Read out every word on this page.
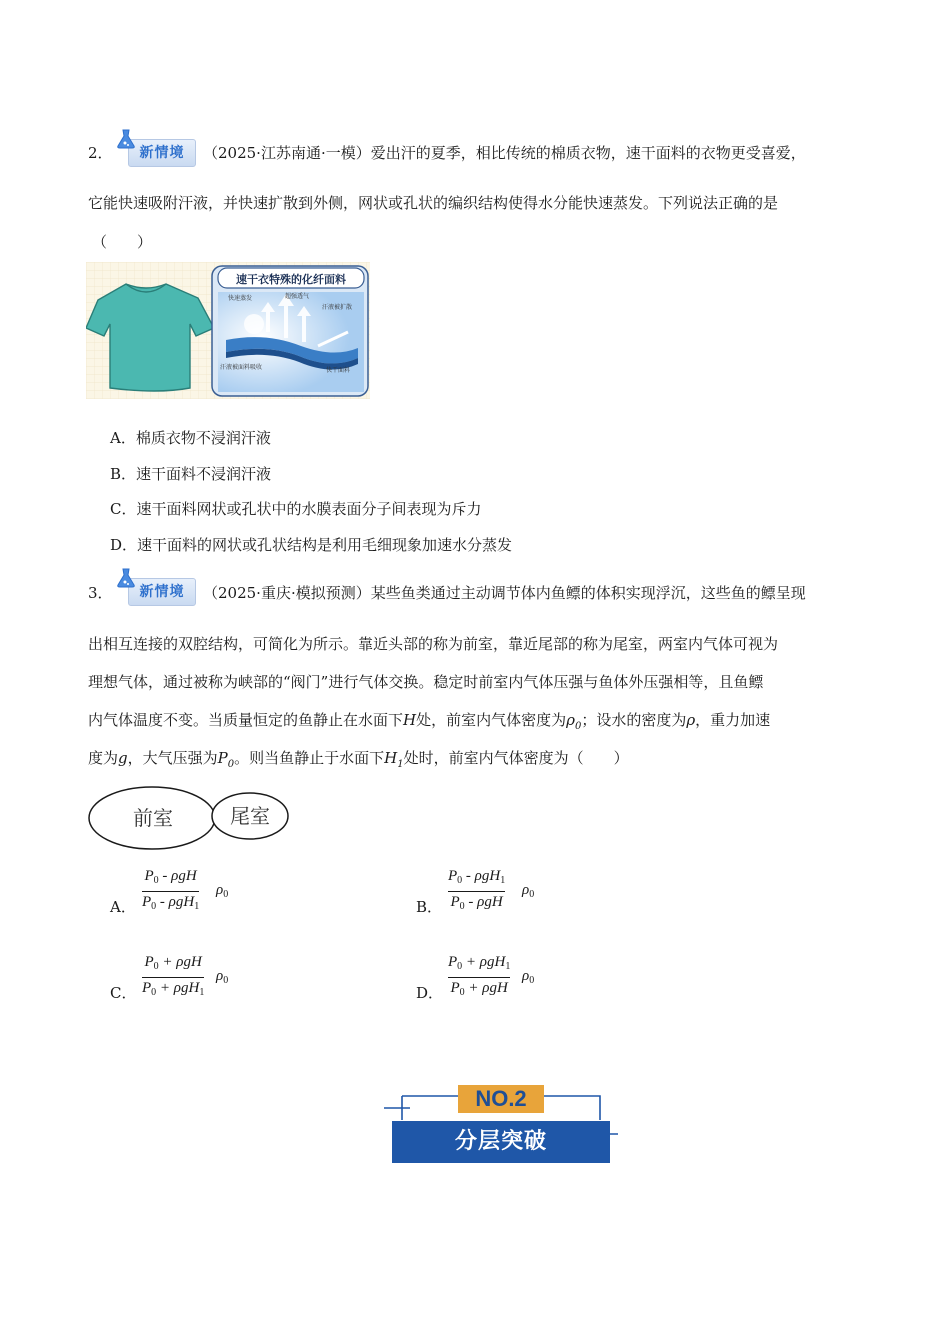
2．	新情境	（2025·江苏南通·一模）爱出汗的夏季，相比传统的棉质衣物，速干面料的衣物更受喜爱，
它能快速吸附汗液，并快速扩散到外侧，网状或孔状的编织结构使得水分能快速蒸发。下列说法正确的是
（　　）
速干衣特殊的化纤面料
快速蒸发	超强透气
汗液被扩散
汗液被面料吸收	快干面料
A．棉质衣物不浸润汗液
B．速干面料不浸润汗液
C．速干面料网状或孔状中的水膜表面分子间表现为斥力
D．速干面料的网状或孔状结构是利用毛细现象加速水分蒸发
3．	新情境	（2025·重庆·模拟预测）某些鱼类通过主动调节体内鱼鳔的体积实现浮沉，这些鱼的鳔呈现
出相互连接的双腔结构，可简化为所示。靠近头部的称为前室，靠近尾部的称为尾室，两室内气体可视为
理想气体，通过被称为峡部的“阀门”进行气体交换。稳定时前室内气体压强与鱼体外压强相等，且鱼鳔
内气体温度不变。当质量恒定的鱼静止在水面下H处，前室内气体密度为$\rho_0$；设水的密度为ρ，重力加速
度为g，大气压强为$P_0$。则当鱼静止于水面下$H_1$处时，前室内气体密度为（　　）
前室	尾室
A．
$P_0$ - ρgH
$P_0 - \rho gH_1$
$\rho_0$
B．
$P_0 - \rho gH_1$
$P_0$ - ρgH
$\rho_0$
C．
$P_0 + \rho gH$
$P_0 + \rho gH_1$
$\rho_0$
D．
$P_0 + \rho gH_1$
$P_0 + \rho gH$
$\rho_0$
NO.2
分层突破
